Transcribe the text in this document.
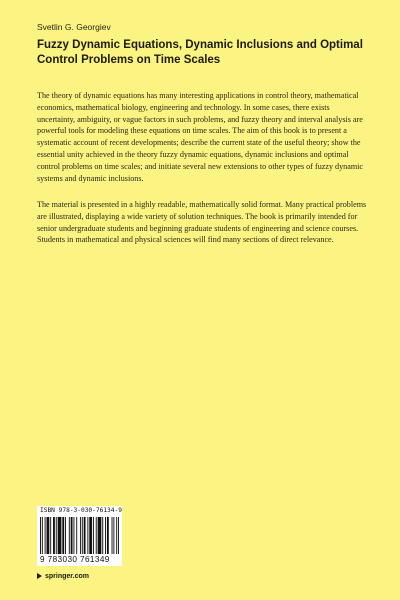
Svetlin G. Georgiev
Fuzzy Dynamic Equations, Dynamic Inclusions and Optimal Control Problems on Time Scales

The theory of dynamic equations has many interesting applications in control theory, mathematical economics, mathematical biology, engineering and technology. In some cases, there exists uncertainty, ambiguity, or vague factors in such problems, and fuzzy theory and interval analysis are powerful tools for modeling these equations on time scales. The aim of this book is to present a systematic account of recent developments; describe the current state of the useful theory; show the essential unity achieved in the theory fuzzy dynamic equations, dynamic inclusions and optimal control problems on time scales; and initiate several new extensions to other types of fuzzy dynamic systems and dynamic inclusions.

The material is presented in a highly readable, mathematically solid format. Many practical problems are illustrated, displaying a wide variety of solution techniques. The book is primarily intended for senior undergraduate students and beginning graduate students of engineering and science courses. Students in mathematical and physical sciences will find many sections of direct relevance.

ISBN 978-3-030-76134-9
9 783030 761349
springer.com
